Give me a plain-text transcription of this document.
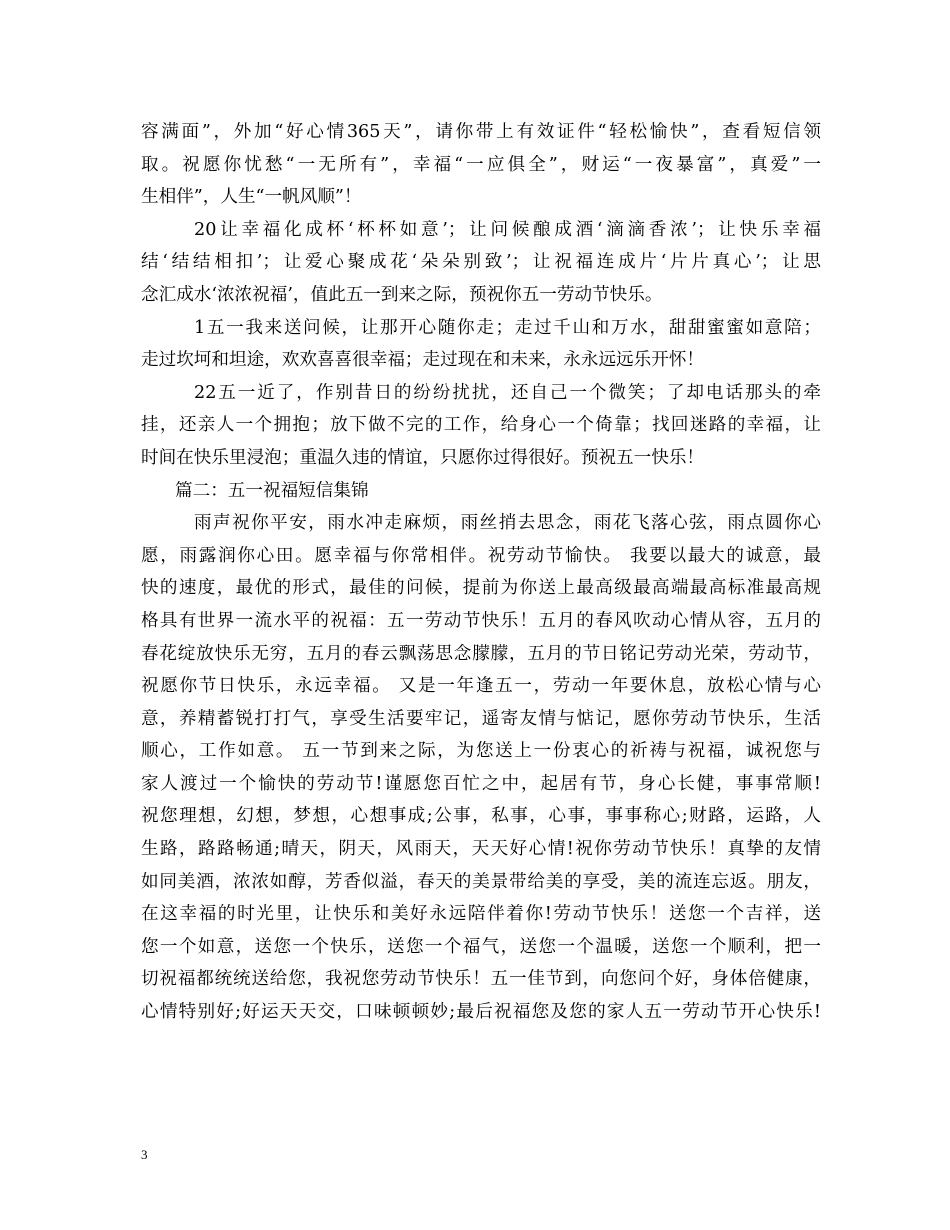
容满面”，外加“好心情365天”，请你带上有效证件“轻松愉快”，查看短信领
取。祝愿你忧愁“一无所有”，幸福“一应俱全”，财运“一夜暴富”，真爱”一
生相伴”，人生“一帆风顺”！
20让幸福化成杯‘杯杯如意’；让问候酿成酒‘滴滴香浓’；让快乐幸福
结‘结结相扣’；让爱心聚成花‘朵朵别致’；让祝福连成片‘片片真心’；让思
念汇成水‘浓浓祝福’，值此五一到来之际，预祝你五一劳动节快乐。
1五一我来送问候，让那开心随你走；走过千山和万水，甜甜蜜蜜如意陪；
走过坎坷和坦途，欢欢喜喜很幸福；走过现在和未来，永永远远乐开怀！
22五一近了，作别昔日的纷纷扰扰，还自己一个微笑；了却电话那头的牵
挂，还亲人一个拥抱；放下做不完的工作，给身心一个倚靠；找回迷路的幸福，让
时间在快乐里浸泡；重温久违的情谊，只愿你过得很好。预祝五一快乐！
篇二：五一祝福短信集锦
雨声祝你平安，雨水冲走麻烦，雨丝捎去思念，雨花飞落心弦，雨点圆你心
愿，雨露润你心田。愿幸福与你常相伴。祝劳动节愉快。 我要以最大的诚意，最
快的速度，最优的形式，最佳的问候，提前为你送上最高级最高端最高标准最高规
格具有世界一流水平的祝福：五一劳动节快乐！五月的春风吹动心情从容，五月的
春花绽放快乐无穷，五月的春云飘荡思念朦朦，五月的节日铭记劳动光荣，劳动节，
祝愿你节日快乐，永远幸福。 又是一年逢五一，劳动一年要休息，放松心情与心
意，养精蓄锐打打气，享受生活要牢记，遥寄友情与惦记，愿你劳动节快乐，生活
顺心，工作如意。 五一节到来之际，为您送上一份衷心的祈祷与祝福，诚祝您与
家人渡过一个愉快的劳动节!谨愿您百忙之中，起居有节，身心长健，事事常顺!
祝您理想，幻想，梦想，心想事成;公事，私事，心事，事事称心;财路，运路，人
生路，路路畅通;晴天，阴天，风雨天，天天好心情!祝你劳动节快乐！真挚的友情
如同美酒，浓浓如醇，芳香似溢，春天的美景带给美的享受，美的流连忘返。朋友，
在这幸福的时光里，让快乐和美好永远陪伴着你!劳动节快乐！送您一个吉祥，送
您一个如意，送您一个快乐，送您一个福气，送您一个温暖，送您一个顺利，把一
切祝福都统统送给您，我祝您劳动节快乐！五一佳节到，向您问个好，身体倍健康，
心情特别好;好运天天交，口味顿顿妙;最后祝福您及您的家人五一劳动节开心快乐!
3
